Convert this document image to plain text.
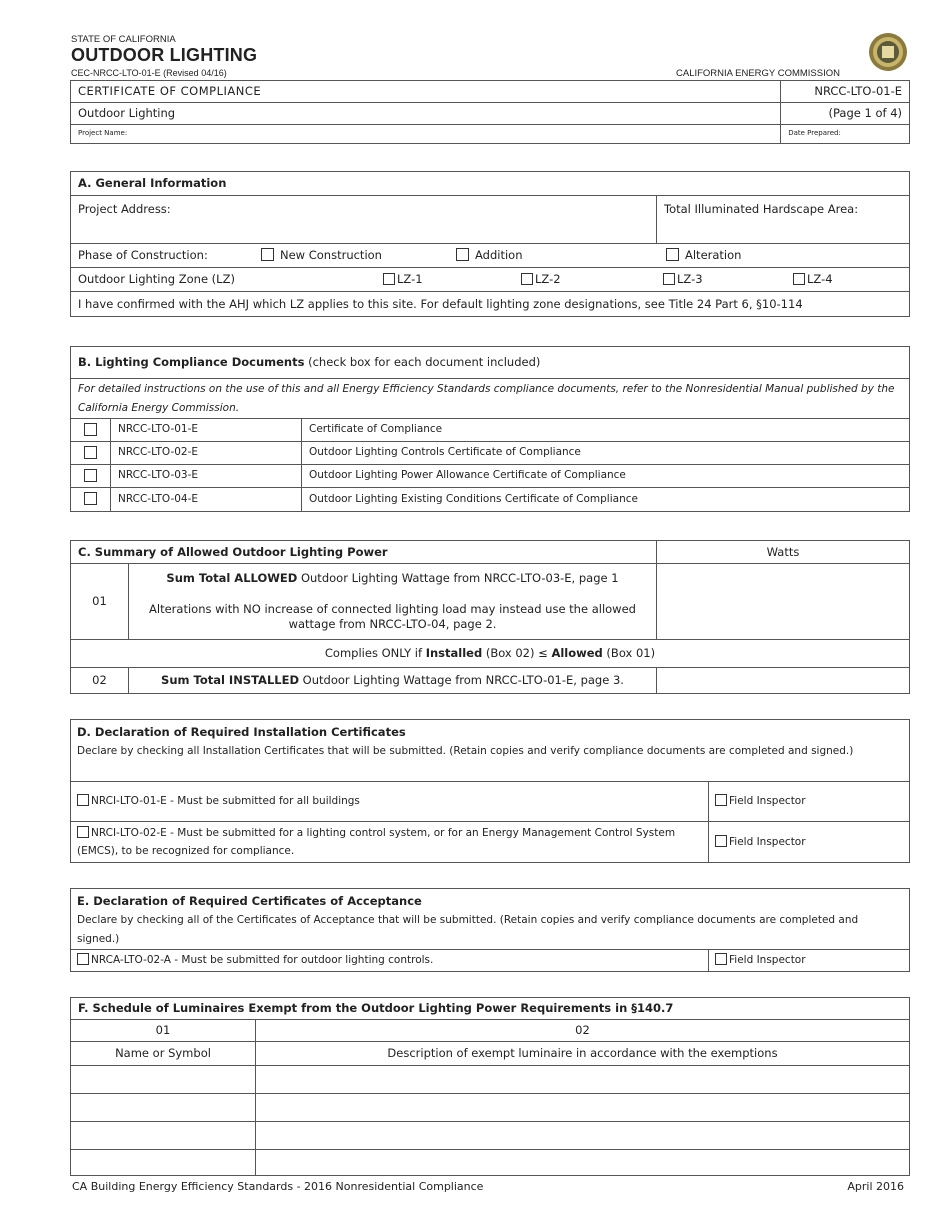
STATE OF CALIFORNIA
OUTDOOR LIGHTING
CEC-NRCC-LTO-01-E (Revised 04/16)	CALIFORNIA ENERGY COMMISSION
CERTIFICATE OF COMPLIANCE	NRCC-LTO-01-E
Outdoor Lighting	(Page 1 of 4)
Project Name:	Date Prepared:
A. General Information
Project Address:	Total Illuminated Hardscape Area:
Phase of Construction:	New Construction	Addition	Alteration
Outdoor Lighting Zone (LZ)	LZ-1	LZ-2	LZ-3	LZ-4
I have confirmed with the AHJ which LZ applies to this site. For default lighting zone designations, see Title 24 Part 6, §10-114
B. Lighting Compliance Documents (check box for each document included)		
For detailed instructions on the use of this and all Energy Efficiency Standards compliance documents, refer to the Nonresidential Manual published by the California Energy Commission.		
	NRCC-LTO-01-E	Certificate of Compliance
	NRCC-LTO-02-E	Outdoor Lighting Controls Certificate of Compliance
	NRCC-LTO-03-E	Outdoor Lighting Power Allowance Certificate of Compliance
	NRCC-LTO-04-E	Outdoor Lighting Existing Conditions Certificate of Compliance
C. Summary of Allowed Outdoor Lighting Power		Watts
01	Sum Total ALLOWED Outdoor Lighting Wattage from NRCC-LTO-03-E, page 1
Alterations with NO increase of connected lighting load may instead use the allowed wattage from NRCC-LTO-04, page 2.	

Complies ONLY if Installed (Box 02) ≤ Allowed (Box 01)		
02	Sum Total INSTALLED Outdoor Lighting Wattage from NRCC-LTO-01-E, page 3.	
D. Declaration of Required Installation Certificates	
Declare by checking all Installation Certificates that will be submitted. (Retain copies and verify compliance documents are completed and signed.)	
NRCI-LTO-01-E - Must be submitted for all buildings	Field Inspector
NRCI-LTO-02-E - Must be submitted for a lighting control system, or for an Energy Management Control System (EMCS), to be recognized for compliance.	Field Inspector
E. Declaration of Required Certificates of Acceptance
Declare by checking all of the Certificates of Acceptance that will be submitted. (Retain copies and verify compliance documents are completed and signed.)
NRCA-LTO-02-A - Must be submitted for outdoor lighting controls.	Field Inspector
F. Schedule of Luminaires Exempt from the Outdoor Lighting Power Requirements in §140.7	
01	02
Name or Symbol	Description of exempt luminaire in accordance with the exemptions

CA Building Energy Efficiency Standards - 2016 Nonresidential Compliance	April 2016
